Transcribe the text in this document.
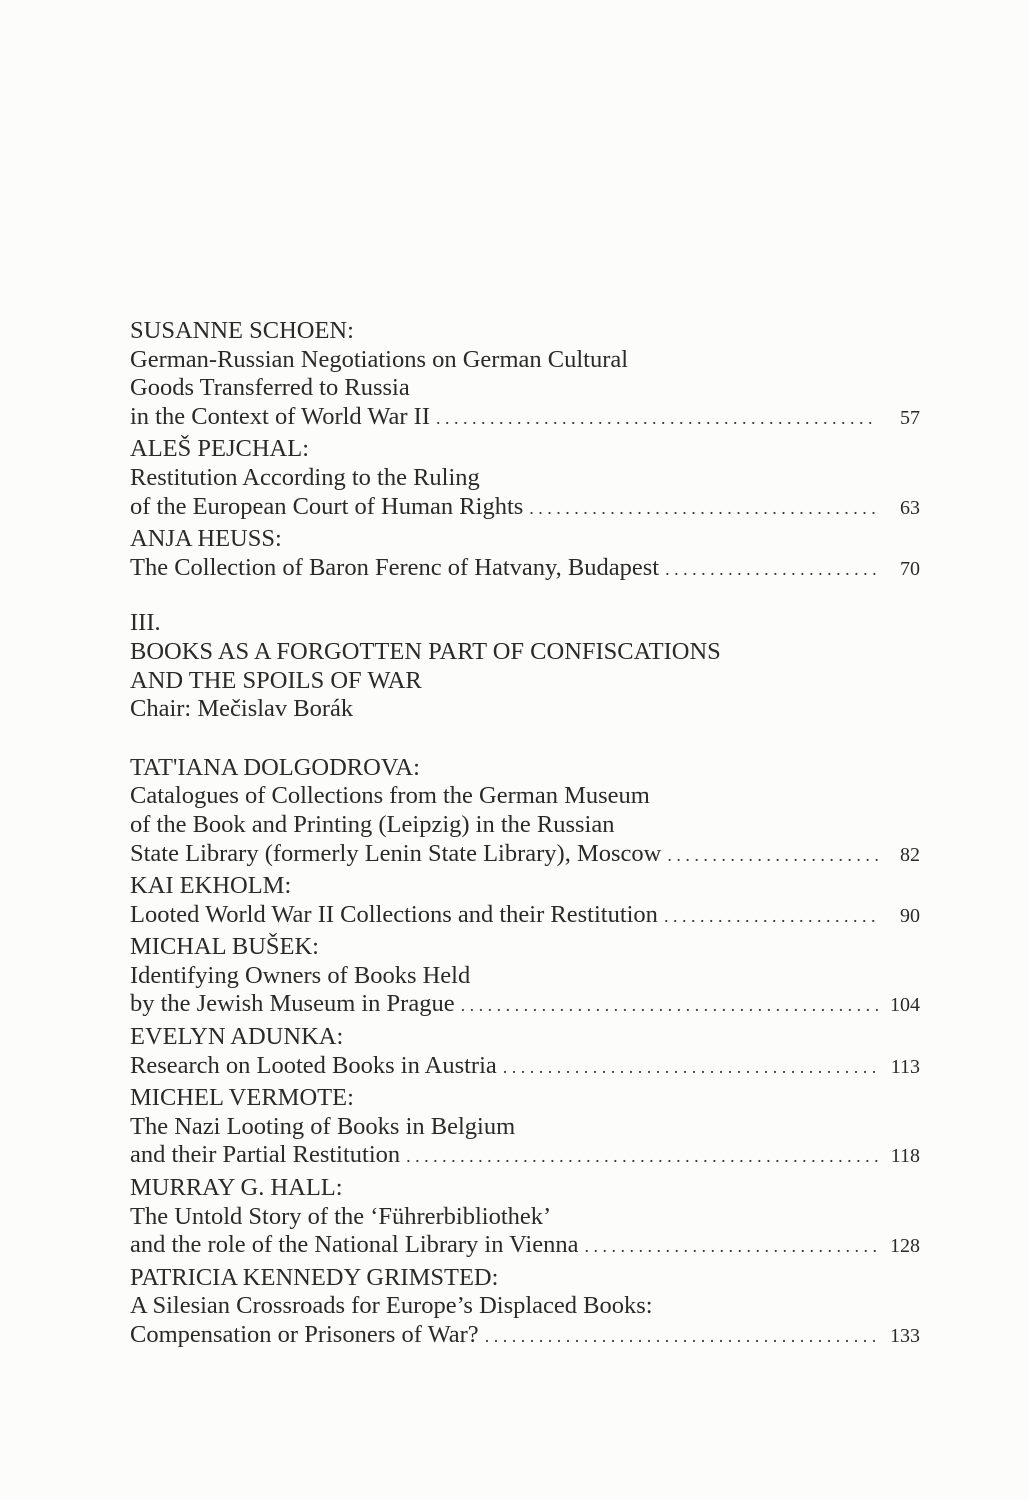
SUSANNE SCHOEN:
German-Russian Negotiations on German Cultural
Goods Transferred to Russia
in the Context of World War II . . .	57
ALEŠ PEJCHAL:
Restitution According to the Ruling
of the European Court of Human Rights . . .	63
ANJA HEUSS:
The Collection of Baron Ferenc of Hatvany, Budapest . . .	70
III.
BOOKS AS A FORGOTTEN PART OF CONFISCATIONS
AND THE SPOILS OF WAR
Chair: Mečislav Borák
TAT'IANA DOLGODROVA:
Catalogues of Collections from the German Museum
of the Book and Printing (Leipzig) in the Russian
State Library (formerly Lenin State Library), Moscow . . .	82
KAI EKHOLM:
Looted World War II Collections and their Restitution . . .	90
MICHAL BUŠEK:
Identifying Owners of Books Held
by the Jewish Museum in Prague . . .	104
EVELYN ADUNKA:
Research on Looted Books in Austria . . .	113
MICHEL VERMOTE:
The Nazi Looting of Books in Belgium
and their Partial Restitution . . .	118
MURRAY G. HALL:
The Untold Story of the ‘Führerbibliothek’
and the role of the National Library in Vienna . . .	128
PATRICIA KENNEDY GRIMSTED:
A Silesian Crossroads for Europe’s Displaced Books:
Compensation or Prisoners of War? . . .	133
